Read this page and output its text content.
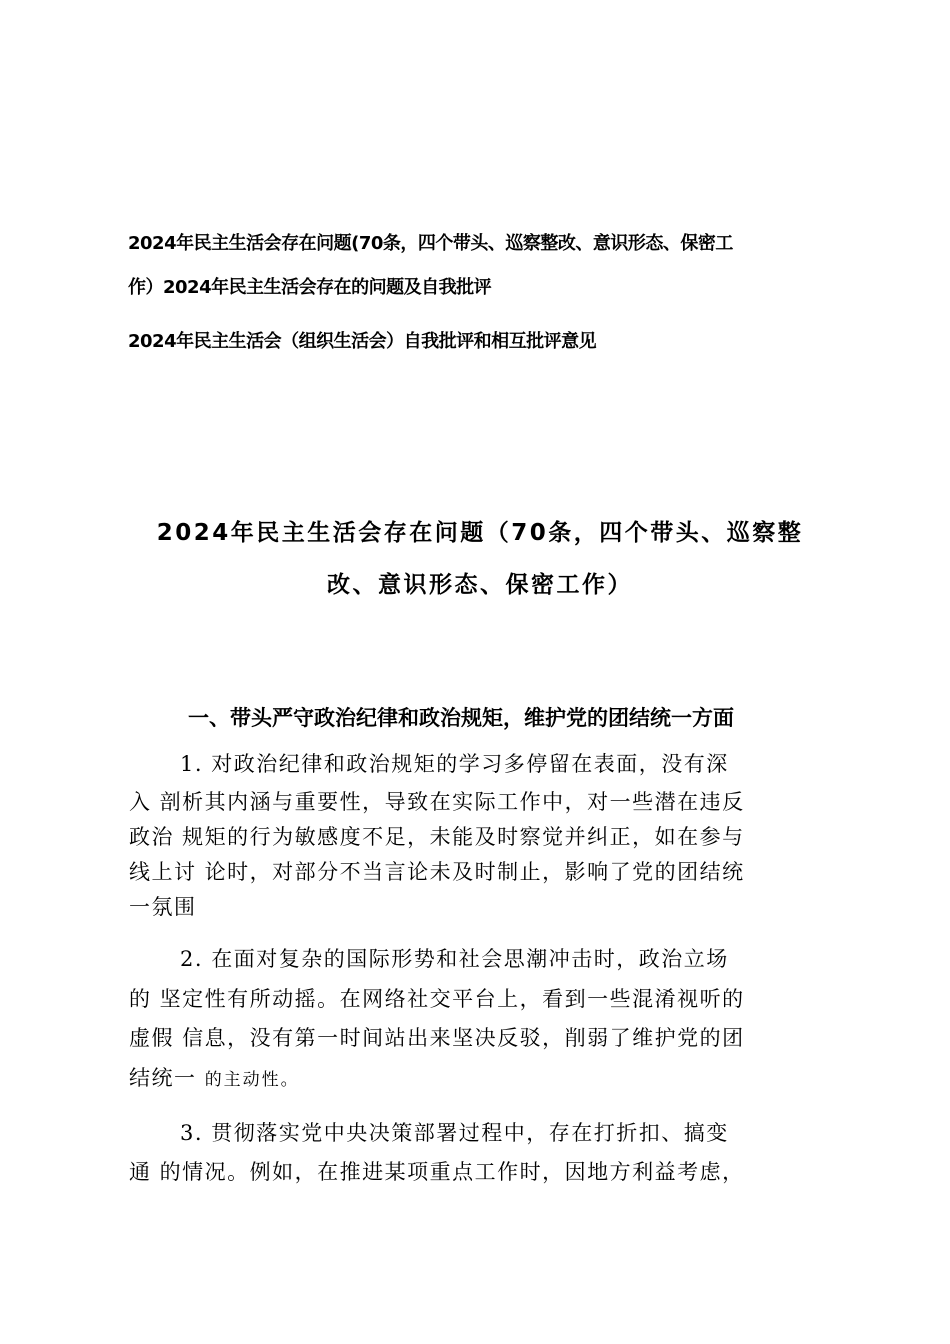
2024年民主生活会存在问题(70条，四个带头、巡察整改、意识形态、保密工
作）2024年民主生活会存在的问题及自我批评
2024年民主生活会（组织生活会）自我批评和相互批评意见
2024年民主生活会存在问题（70条，四个带头、巡察整
改、意识形态、保密工作）
一、带头严守政治纪律和政治规矩，维护党的团结统一方面
1. 对政治纪律和政治规矩的学习多停留在表面，没有深
入 剖析其内涵与重要性，导致在实际工作中，对一些潜在违反
政治 规矩的行为敏感度不足，未能及时察觉并纠正，如在参与
线上讨 论时，对部分不当言论未及时制止，影响了党的团结统
一氛围
2. 在面对复杂的国际形势和社会思潮冲击时，政治立场
的 坚定性有所动摇。在网络社交平台上，看到一些混淆视听的
虚假 信息，没有第一时间站出来坚决反驳，削弱了维护党的团
结统一 的主动性。
3. 贯彻落实党中央决策部署过程中，存在打折扣、搞变
通 的情况。例如，在推进某项重点工作时，因地方利益考虑，
